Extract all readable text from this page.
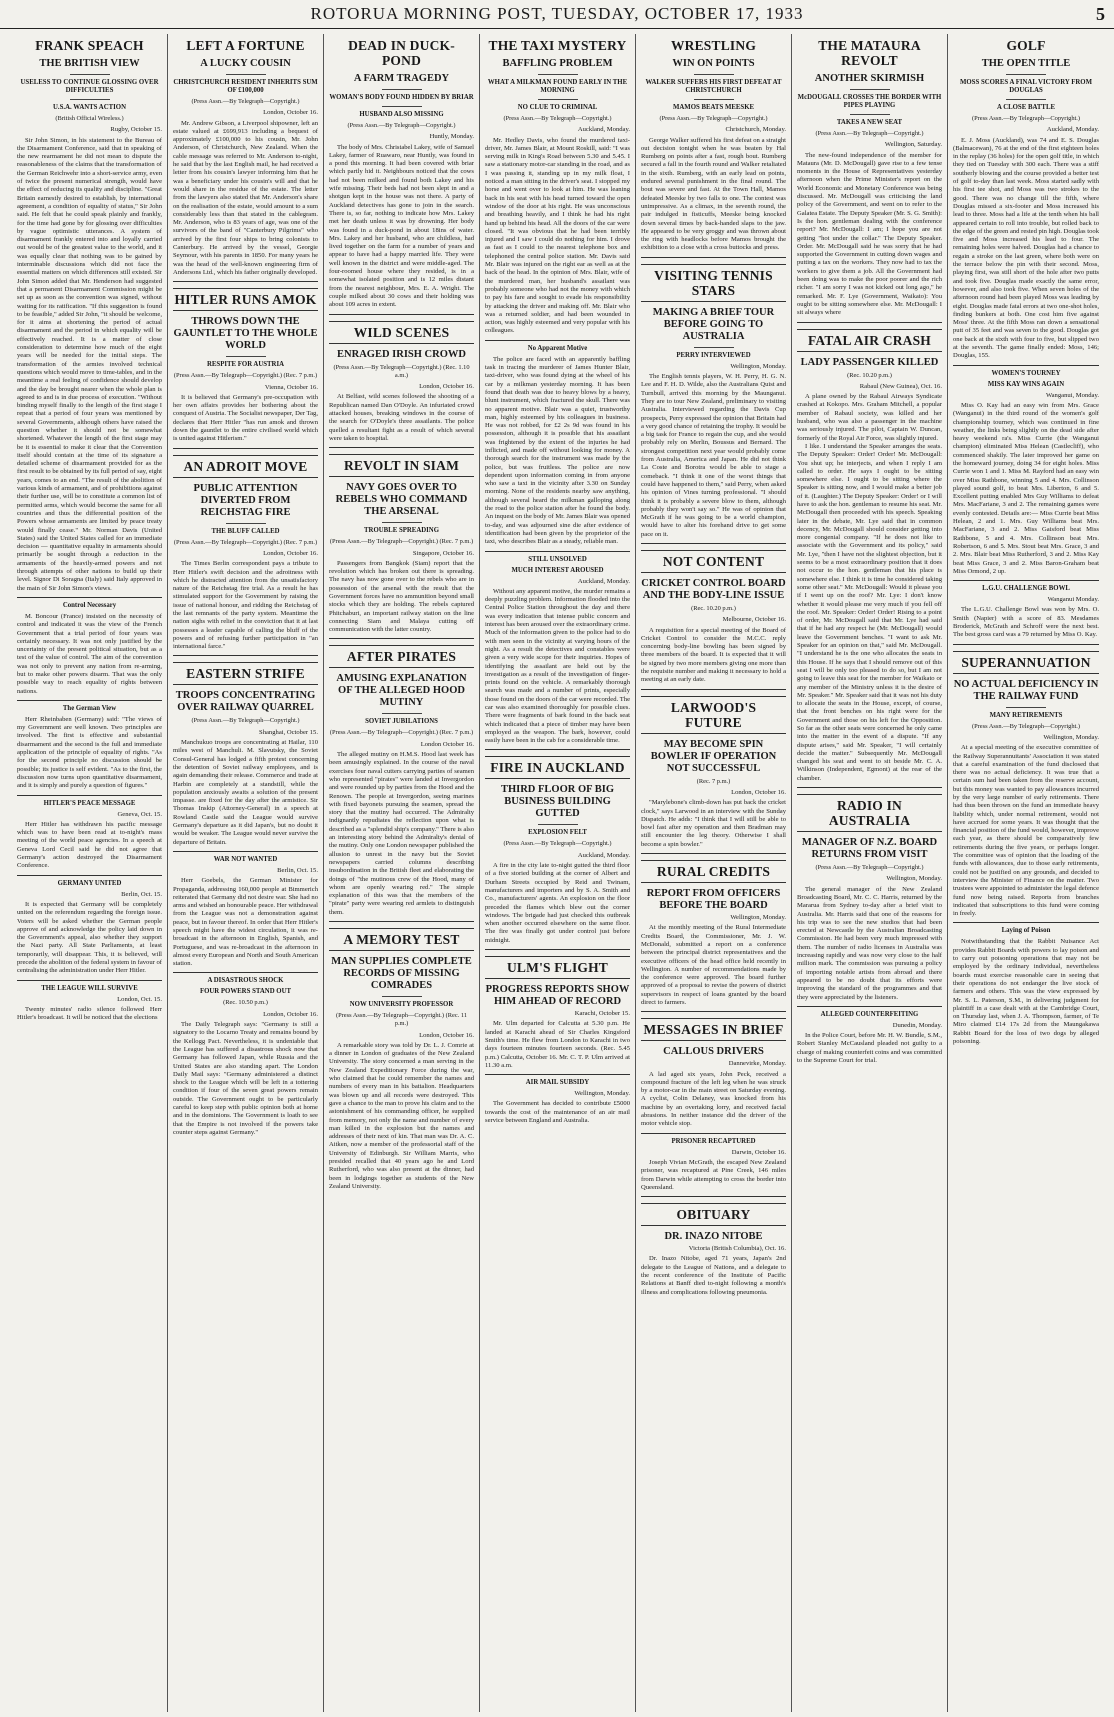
ROTORUA MORNING POST, TUESDAY, OCTOBER 17, 1933	5
FRANK SPEACH
THE BRITISH VIEW
USELESS TO CONTINUE GLOSSING OVER DIFFICULTIES
U.S.A. WANTS ACTION
(British Official Wireless.)
Rugby, October 15.

Sir John Simon, in his statement to the Bureau of the Disarmament Conference, said that in speaking of the new rearmament he did not mean to dispute the reasonableness of the claims that the transformation of the German Reichwehr into a short-service army, even of twice the present numerical strength, would have the effect of reducing its quality and discipline. "Great Britain earnestly desired to establish, by international agreement, a condition of equality of status," Sir John said. He felt that he could speak plainly and frankly, for the time had gone by for glossing over difficulties by vague optimistic utterances. A system of disarmament frankly entered into and loyally carried out would be of the greatest value to the world, and it was equally clear that nothing was to be gained by interminable discussions which did not face the essential matters on which differences still existed. Sir John Simon added that Mr. Henderson had suggested that a permanent Disarmament Commission might be set up as soon as the convention was signed, without waiting for its ratification. "If this suggestion is found to be feasible," added Sir John, "it should be welcome, for it aims at shortening the period of actual disarmament and the period in which equality will be effectively reached. It is a matter of close consideration to determine how much of the eight years will be needed for the initial steps. The transformation of the armies involved technical questions which would move to time-tables, and in the meantime a real feeling of confidence should develop and the day be brought nearer when the whole plan is agreed to and is in due process of execution. "Without binding myself finally to the length of the first stage I repeat that a period of four years was mentioned by several Governments, although others have raised the question whether it should not be somewhat shortened. Whatever the length of the first stage may be it is essential to make it clear that the Convention itself should contain at the time of its signature a detailed scheme of disarmament provided for as the first result to be obtained by its full period of say, eight years, comes to an end. "The result of the abolition of various kinds of armament, and of prohibitions against their further use, will be to constitute a common list of permitted arms, which would become the same for all countries and thus the differential position of the Powers whose armaments are limited by peace treaty would finally cease." Mr. Norman Davis (United States) said the United States called for an immediate decision — quantitative equality in armaments should primarily be sought through a reduction in the armaments of the heavily-armed powers and not through attempts of other nations to build up their level. Signor Di Soragna (Italy) said Italy approved in the main of Sir John Simon's views.

Control Necessary

M. Boncour (France) insisted on the necessity of control and indicated it was the view of the French Government that a trial period of four years was certainly necessary. It was not only justified by the uncertainty of the present political situation, but as a test of the value of control. The aim of the convention was not only to prevent any nation from re-arming, but to make other powers disarm. That was the only possible way to reach equality of rights between nations.

The German View

Herr Rheinbaben (Germany) said: "The views of my Government are well known. Two principles are involved. The first is effective and substantial disarmament and the second is the full and immediate application of the principle of equality of rights. "As for the second principle no discussion should be possible; its justice is self evident. "As to the first, the discussion now turns upon quantitative disarmament, and it is simply and purely a question of figures."

HITLER'S PEACE MESSAGE
Geneva, Oct. 15.

Herr Hitler has withdrawn his pacific message which was to have been read at to-night's mass meeting of the world peace agencies. In a speech at Geneva Lord Cecil said he did not agree that Germany's action destroyed the Disarmament Conference.

GERMANY UNITED
Berlin, Oct. 15.

It is expected that Germany will be completely united on the referendum regarding the foreign issue. Voters will be asked whether the German people approve of and acknowledge the policy laid down in the Government's appeal, also whether they support the Nazi party. All State Parliaments, at least temporarily, will disappear. This, it is believed, will precede the abolition of the federal system in favour of centralising the administration under Herr Hitler.

THE LEAGUE WILL SURVIVE
London, Oct. 15.

Twenty minutes' radio silence followed Herr Hitler's broadcast. It will be noticed that the elections

LEFT A FORTUNE
A LUCKY COUSIN
CHRISTCHURCH RESIDENT INHERITS SUM OF £100,000
(Press Assn.—By Telegraph—Copyright.)
London, October 16.

Mr. Andrew Gibson, a Liverpool shipowner, left an estate valued at £699,913 including a bequest of approximately £100,000 to his cousin, Mr. John Anderson, of Christchurch, New Zealand. When the cable message was referred to Mr. Anderson to-night, he said that by the last English mail, he had received a letter from his cousin's lawyer informing him that he was a beneficiary under his cousin's will and that he would share in the residue of the estate. The letter from the lawyers also stated that Mr. Anderson's share on the realisation of the estate, would amount to a sum considerably less than that stated in the cablegram. Mr. Anderson, who is 83 years of age, was one of the survivors of the band of "Canterbury Pilgrims" who arrived by the first four ships to bring colonists to Canterbury. He arrived by the vessel, Georgie Seymour, with his parents in 1850. For many years he was the head of the well-known engineering firm of Andersons Ltd., which his father originally developed.

HITLER RUNS AMOK
THROWS DOWN THE GAUNTLET TO THE WHOLE WORLD
RESPITE FOR AUSTRIA
(Press Assn.—By Telegraph—Copyright.) (Rec. 7 p.m.)
Vienna, October 16.

It is believed that Germany's pre-occupation with her own affairs provides her bothering about the conquest of Austria. The Socialist newspaper, Der Tag, declares that Herr Hitler "has run amok and thrown down the gauntlet to the entire civilised world which is united against Hitlerism."

AN ADROIT MOVE
PUBLIC ATTENTION DIVERTED FROM REICHSTAG FIRE
THE BLUFF CALLED
(Press Assn.—By Telegraph—Copyright.) (Rec. 7 p.m.)
London, October 16.

The Times Berlin correspondent pays a tribute to Herr Hitler's swift decision and the adroitness with which he distracted attention from the unsatisfactory nature of the Reichstag fire trial. As a result he has stimulated support for the Government by raising the issue of national honour, and ridding the Reichstag of the last remnants of the party system. Meantime the nation sighs with relief in the conviction that it at last possesses a leader capable of calling the bluff of the powers and of refusing further participation in "an international farce."

EASTERN STRIFE
TROOPS CONCENTRATING OVER RAILWAY QUARREL
(Press Assn.—By Telegraph—Copyright.)
Shanghai, October 15.

Manchukuo troops are concentrating at Hailar, 110 miles west of Manchuli. M. Slavutsky, the Soviet Consul-General has lodged a fifth protest concerning the detention of Soviet railway employees, and is again demanding their release. Commerce and trade at Harbin are completely at a standstill, while the population anxiously awaits a solution of the present impasse. are fixed for the day after the armistice. Sir Thomas Inskip (Attorney-General) in a speech at Rowland Castle said the League would survive Germany's departure as it did Japan's, but no doubt it would be weaker. The League would never survive the departure of Britain.

WAR NOT WANTED
Berlin, Oct. 15.

Herr Goebels, the German Minister for Propaganda, addressing 160,000 people at Bimmerich reiterated that Germany did not desire war. She had no arms and wished an honourable peace. Her withdrawal from the League was not a demonstration against peace, but in favour thereof. In order that Herr Hitler's speech might have the widest circulation, it was re-broadcast in the afternoon in English, Spanish, and Portuguese, and was re-broadcast in the afternoon in almost every European and North and South American station.

A DISASTROUS SHOCK
FOUR POWERS STAND OUT
(Rec. 10.50 p.m.)
London, October 16.

The Daily Telegraph says: "Germany is still a signatory to the Locarno Treaty and remains bound by the Kellogg Pact. Nevertheless, it is undeniable that the League has suffered a disastrous shock now that Germany has followed Japan, while Russia and the United States are also standing apart. The London Daily Mail says: "Germany administered a distinct shock to the League which will be left in a tottering condition if four of the seven great powers remain outside. The Government ought to be particularly careful to keep step with public opinion both at home and in the dominions. The Government is loath to see that the Empire is not involved if the powers take counter steps against Germany."

DEAD IN DUCK-POND
A FARM TRAGEDY
WOMAN'S BODY FOUND HIDDEN BY BRIAR
HUSBAND ALSO MISSING
(Press Assn.—By Telegraph—Copyright.)
Huntly, Monday.

The body of Mrs. Christabel Lakey, wife of Samuel Lakey, farmer of Ruawaro, near Huntly, was found in a pond this morning. It had been covered with briar which partly hid it. Neighbours noticed that the cows had not been milked and found both Lakey and his wife missing. Their beds had not been slept in and a shotgun kept in the house was not there. A party of Auckland detectives has gone to join in the search. There is, so far, nothing to indicate how Mrs. Lakey met her death unless it was by drowning. Her body was found in a duck-pond in about 18ins of water. Mrs. Lakey and her husband, who are childless, had lived together on the farm for a number of years and appear to have had a happy married life. They were well known in the district and were middle-aged. The four-roomed house where they resided, is in a somewhat isolated position and is 12 miles distant from the nearest neighbour, Mrs. E. A. Wright. The couple milked about 30 cows and their holding was about 109 acres in extent.

WILD SCENES
ENRAGED IRISH CROWD
(Press Assn.—By Telegraph—Copyright.) (Rec. 1.10 a.m.)
London, October 16.

At Belfast, wild scenes followed the shooting of a Republican named Dan O'Doyle. An infuriated crowd attacked houses, breaking windows in the course of the search for O'Doyle's three assailants. The police quelled a resultant fight as a result of which several were taken to hospital.

REVOLT IN SIAM
NAVY GOES OVER TO REBELS WHO COMMAND THE ARSENAL
TROUBLE SPREADING
(Press Assn.—By Telegraph—Copyright.) (Rec. 7 p.m.)
Singapore, October 16.

Passengers from Bangkok (Siam) report that the revolution which has broken out there is spreading. The navy has now gone over to the rebels who are in possession of the arsenal with the result that the Government forces have no ammunition beyond small stocks which they are holding. The rebels captured Phitchaburi, an important railway station on the line connecting Siam and Malaya cutting off communication with the latter country.

AFTER PIRATES
AMUSING EXPLANATION OF THE ALLEGED HOOD MUTINY
SOVIET JUBILATIONS
(Press Assn.—By Telegraph—Copyright.) (Rec. 7 p.m.)
London October 16.

The alleged mutiny on H.M.S. Hood last week has been amusingly explained. In the course of the naval exercises four naval cutters carrying parties of seamen who represented "pirates" were landed at Invergordon and were rounded up by parties from the Hood and the Renown. The people at Invergordon, seeing marines with fixed bayonets pursuing the seamen, spread the story that the mutiny had occurred. The Admiralty indignantly repudiates the reflection upon what is described as a "splendid ship's company." There is also an interesting story behind the Admiralty's denial of the mutiny. Only one London newspaper published the allusion to unrest in the navy but the Soviet newspapers carried columns describing insubordination in the British fleet and elaborating the doings of "the mutinous crew of the Hood, many of whom are openly wearing red." The simple explanation of this was that the members of the "pirate" party were wearing red armlets to distinguish them.

A MEMORY TEST
MAN SUPPLIES COMPLETE RECORDS OF MISSING COMRADES
NOW UNIVERSITY PROFESSOR
(Press Assn.—By Telegraph—Copyright.) (Rec. 11 p.m.)
London, October 16.

A remarkable story was told by Dr. L. J. Comrie at a dinner in London of graduates of the New Zealand University. The story concerned a man serving in the New Zealand Expeditionary Force during the war, who claimed that he could remember the names and numbers of every man in his battalion. Headquarters was blown up and all records were destroyed. This gave a chance to the man to prove his claim and to the astonishment of his commanding officer, he supplied from memory, not only the name and number of every man killed in the explosion but the names and addresses of their next of kin. That man was Dr. A. C. Aitken, now a member of the professorial staff of the University of Edinburgh. Sir William Marris, who presided recalled that 40 years ago he and Lord Rutherford, who was also present at the dinner, had been in lodgings together as students of the New Zealand University.

THE TAXI MYSTERY
BAFFLING PROBLEM
WHAT A MILKMAN FOUND EARLY IN THE MORNING
NO CLUE TO CRIMINAL
(Press Assn.—By Telegraph—Copyright.)
Auckland, Monday.

Mr. Hedley Davis, who found the murdered taxi-driver, Mr. James Blair, at Mount Roskill, said: "I was serving milk in King's Road between 5.30 and 5.45. I saw a stationary motor-car standing in the road, and as I was passing it, standing up in my milk float, I noticed a man sitting in the driver's seat. I stopped my horse and went over to look at him. He was leaning back in his seat with his head turned toward the open window of the door at his right. He was unconscious and breathing heavily, and I think he had his right hand up behind his head. All the doors of the car were closed. "It was obvious that he had been terribly injured and I saw I could do nothing for him. I drove as fast as I could to the nearest telephone box and telephoned the central police station. Mr. Davis said Mr. Blair was injured on the right ear as well as at the back of the head. In the opinion of Mrs. Blair, wife of the murdered man, her husband's assailant was probably someone who had not the money with which to pay his fare and sought to evade his responsibility by attacking the driver and making off. Mr. Blair who was a returned soldier, and had been wounded in action, was highly esteemed and very popular with his colleagues.

No Apparent Motive

The police are faced with an apparently baffling task in tracing the murderer of James Hunter Blair, taxi-driver, who was found dying at the wheel of his car by a milkman yesterday morning. It has been found that death was due to heavy blows by a heavy, blunt instrument, which fractured the skull. There was no apparent motive. Blair was a quiet, trustworthy man, highly esteemed by his colleagues in business. He was not robbed, for £2 2s 9d was found in his possession, although it is possible that his assailant was frightened by the extent of the injuries he had inflicted, and made off without looking for money. A thorough search for the instrument was made by the police, but was fruitless. The police are now dependent upon information coming in from anyone who saw a taxi in the vicinity after 3.30 on Sunday morning. None of the residents nearby saw anything, although several heard the milkman galloping along the road to the police station after he found the body. An inquest on the body of Mr. James Blair was opened to-day, and was adjourned sine die after evidence of identification had been given by the proprietor of the taxi, who describes Blair as a steady, reliable man.

STILL UNSOLVED
MUCH INTEREST AROUSED
Auckland, Monday.

Without any apparent motive, the murder remains a deeply puzzling problem. Information flooded into the Central Police Station throughout the day and there was every indication that intense public concern and interest has been aroused over the extraordinary crime. Much of the information given to the police had to do with men seen in the vicinity at varying hours of the night. As a result the detectives and constables were given a very wide scope for their inquiries. Hopes of identifying the assailant are held out by the investigation as a result of the investigation of finger-prints found on the vehicle. A remarkably thorough search was made and a number of prints, especially those found on the doors of the car were recorded. The car was also examined thoroughly for possible clues. There were fragments of bark found in the back seat which indicated that a piece of timber may have been employed as the weapon. The bark, however, could easily have been in the cab for a considerable time.

FIRE IN AUCKLAND
THIRD FLOOR OF BIG BUSINESS BUILDING GUTTED
EXPLOSION FELT
(Press Assn.—By Telegraph—Copyright.)
Auckland, Monday.

A fire in the city late to-night gutted the third floor of a five storied building at the corner of Albert and Durham Streets occupied by Reid and Twinam, manufacturers and importers and by S. A. Smith and Co., manufacturers' agents. An explosion on the floor preceded the flames which blew out the corner windows. The brigade had just checked this outbreak when another occurred elsewhere on the same floor. The fire was finally got under control just before midnight.

ULM'S FLIGHT
PROGRESS REPORTS SHOW HIM AHEAD OF RECORD
Karachi, October 15.

Mr. Ulm departed for Calcutta at 5.30 p.m. He landed at Karachi ahead of Sir Charles Kingsford Smith's time. He flew from London to Karachi in two days fourteen minutes fourteen seconds. (Rec. 5.45 p.m.) Calcutta, October 16. Mr. C. T. P. Ulm arrived at 11.30 a.m.

AIR MAIL SUBSIDY
Wellington, Monday.

The Government has decided to contribute £5000 towards the cost of the maintenance of an air mail service between England and Australia.

WRESTLING
WIN ON POINTS
WALKER SUFFERS HIS FIRST DEFEAT AT CHRISTCHURCH
MAMOS BEATS MEESKE
(Press Assn.—By Telegraph—Copyright.)
Christchurch, Monday.

George Walker suffered his first defeat on a straight out decision tonight when he was beaten by Hal Rumberg on points after a fast, rough bout. Rumberg secured a fall in the fourth round and Walker retaliated in the sixth. Rumberg, with an early lead on points, endured several punishment in the final round. The bout was severe and fast. At the Town Hall, Mamos defeated Meeske by two falls to one. The contest was unimpressive. As a climax, in the seventh round, the pair indulged in fisticuffs, Meeske being knocked down several times by back-handed slaps to the jaw. He appeared to be very groggy and was thrown about the ring with headlocks before Mamos brought the exhibition to a close with a cross buttocks and press.

VISITING TENNIS STARS
MAKING A BRIEF TOUR BEFORE GOING TO AUSTRALIA
PERRY INTERVIEWED
Wellington, Monday.

The English tennis players, W. H. Perry, H. G. N. Lee and F. H. D. Wilde, also the Australians Quist and Turnbull, arrived this morning by the Maunganui. They are to tour New Zealand, preliminary to visiting Australia. Interviewed regarding the Davis Cup prospects, Perry expressed the opinion that Britain had a very good chance of retaining the trophy. It would be a big task for France to regain the cup, and she would probably rely on Merlin, Boussus and Bernard. The strongest competition next year would probably come from Australia, America and Japan. He did not think La Coste and Borotra would be able to stage a comeback. "I think it one of the worst things that could have happened to them," said Perry, when asked his opinion of Vines turning professional. "I should think it is probably a severe blow to them, although probably they won't say so." He was of opinion that McGrath if he was going to be a world champion, would have to alter his forehand drive to get some pace on it.

NOT CONTENT
CRICKET CONTROL BOARD AND THE BODY-LINE ISSUE
(Rec. 10.20 p.m.)
Melbourne, October 16.

A requisition for a special meeting of the Board of Cricket Control to consider the M.C.C. reply concerning body-line bowling has been signed by three members of the board. It is expected that it will be signed by two more members giving one more than the requisite number and making it necessary to hold a meeting at an early date.

LARWOOD'S FUTURE
MAY BECOME SPIN BOWLER IF OPERATION NOT SUCCESSFUL
(Rec. 7 p.m.)
London, October 16.

"Marylebone's climb-down has put back the cricket clock," says Larwood in an interview with the Sunday Dispatch. He adds: "I think that I will still be able to bowl fast after my operation and then Bradman may still encounter the leg theory. Otherwise I shall become a spin bowler."

RURAL CREDITS
REPORT FROM OFFICERS BEFORE THE BOARD
Wellington, Monday.

At the monthly meeting of the Rural Intermediate Credits Board, the Commissioner, Mr. J. W. McDonald, submitted a report on a conference between the principal district representatives and the executive officers of the head office held recently in Wellington. A number of recommendations made by the conference were approved. The board further approved of a proposal to revise the powers of district supervisors in respect of loans granted by the board direct to farmers.

MESSAGES IN BRIEF
CALLOUS DRIVERS
Dannevirke, Monday.

A lad aged six years, John Peck, received a compound fracture of the left leg when he was struck by a motor-car in the main street on Saturday evening. A cyclist, Colin Delaney, was knocked from his machine by an overtaking lorry, and received facial abrasions. In neither instance did the driver of the motor vehicle stop.

PRISONER RECAPTURED
Darwin, October 16.

Joseph Vivian McGrath, the escaped New Zealand prisoner, was recaptured at Pine Creek, 146 miles from Darwin while attempting to cross the border into Queensland.

OBITUARY
DR. INAZO NITOBE
Victoria (British Columbia), Oct. 16.

Dr. Inazo Nitobe, aged 71 years, Japan's 2nd delegate to the League of Nations, and a delegate to the recent conference of the Institute of Pacific Relations at Banff died to-night following a month's illness and complications following pneumonia.

THE MATAURA REVOLT
ANOTHER SKIRMISH
McDOUGALL CROSSES THE BORDER WITH PIPES PLAYING
TAKES A NEW SEAT
(Press Assn.—By Telegraph—Copyright.)
Wellington, Saturday.

The new-found independence of the member for Mataura (Mr. D. McDougall) gave rise to a few tense moments in the House of Representatives yesterday afternoon when the Prime Minister's report on the World Economic and Monetary Conference was being discussed. Mr. McDougall was criticising the land policy of the Government, and went on to refer to the Galatea Estate. The Deputy Speaker (Mr. S. G. Smith): Is the hon. gentleman dealing with the conference report? Mr. McDougall: I am; I hope you are not getting "hot under the collar." The Deputy Speaker. Order. Mr. McDougall said he was sorry that he had supported the Government in cutting down wages and putting a tax on the workers. They now had to tax the workers to give them a job. All the Government had been doing was to make the poor poorer and the rich richer. "I am sorry I was not kicked out long ago," he remarked. Mr. F. Lye (Government, Waikato): You ought to be sitting somewhere else. Mr. McDougall: I sit always where

FATAL AIR CRASH
LADY PASSENGER KILLED
(Rec. 10.20 p.m.)
Rabaul (New Guinea), Oct. 16.

A plane owned by the Rabaul Airways Syndicate crashed at Kokopo. Mrs. Graham Mitchell, a popular member of Rabaul society, was killed and her husband, who was also a passenger in the machine was seriously injured. The pilot, Captain W. Duncan, formerly of the Royal Air Force, was slightly injured.

I like. I understand the Speaker arranges the seats. The Deputy Speaker: Order! Order! Mr. McDougall: You shut up; he interjects, and when I reply I am called to order. He says I ought to be sitting somewhere else. I ought to be sitting where the Speaker is sitting now, and I would make a better job of it. (Laughter.) The Deputy Speaker: Order! or I will have to ask the hon. gentleman to resume his seat. Mr. McDougall then proceeded with his speech. Speaking later in the debate, Mr. Lye said that in common decency, Mr. McDougall should consider getting into more congenial company. "If he does not like to associate with the Government and its policy," said Mr. Lye, "then I have not the slightest objection, but it seems to be a most extraordinary position that it does not occur to the hon. gentleman that his place is somewhere else. I think it is time he considered taking some other seat." Mr. McDougall: Would it please you if I went up on the roof? Mr. Lye: I don't know whether it would please me very much if you fell off the roof. Mr. Speaker: Order! Order! Rising to a point of order, Mr. McDougall said that Mr. Lye had said that if he had any respect he (Mr. McDougall) would leave the Government benches. "I want to ask Mr. Speaker for an opinion on that," said Mr. McDougall. "I understand he is the one who allocates the seats in this House. If he says that I should remove out of this seat I will be only too pleased to do so, but I am not going to leave this seat for the member for Waikato or any member of the Ministry unless it is the desire of Mr. Speaker." Mr. Speaker said that it was not his duty to allocate the seats in the House, except, of course, that the front benches on his right were for the Government and those on his left for the Opposition. So far as the other seats were concerned he only came into the matter in the event of a dispute. "If any dispute arises," said Mr. Speaker, "I will certainly decide the matter." Subsequently Mr. McDougall changed his seat and went to sit beside Mr. C. A. Wilkinson (Independent, Egmont) at the rear of the chamber.

RADIO IN AUSTRALIA
MANAGER OF N.Z. BOARD RETURNS FROM VISIT
(Press Assn.—By Telegraph—Copyright.)
Wellington, Monday.

The general manager of the New Zealand Broadcasting Board, Mr. C. C. Harris, returned by the Mararua from Sydney to-day after a brief visit to Australia. Mr. Harris said that one of the reasons for his trip was to see the new studios that had been erected at Newcastle by the Australian Broadcasting Commission. He had been very much impressed with them. The number of radio licenses in Australia was increasing rapidly and was now very close to the half million mark. The commission was pursuing a policy of importing notable artists from abroad and there appeared to be no doubt that its efforts were improving the standard of the programmes and that they were appreciated by the listeners.

ALLEGED COUNTERFEITING
Dunedin, Monday.

In the Police Court, before Mr. H. W. Bundle, S.M., Robert Stanley McCausland pleaded not guilty to a charge of making counterfeit coins and was committed to the Supreme Court for trial.

GOLF
THE OPEN TITLE
MOSS SCORES A FINAL VICTORY FROM DOUGLAS
A CLOSE BATTLE
(Press Assn.—By Telegraph—Copyright.)
Auckland, Monday.

E. J. Moss (Auckland), was 74 and E. S. Douglas (Balmacewan), 76 at the end of the first eighteen holes in the replay (36 holes) for the open golf title, in which they tied on Tuesday with 300 each. There was a stiff southerly blowing and the course provided a better test of golf to-day than last week. Moss started sadly with his first tee shot, and Moss was two strokes to the good. There was no change till the fifth, where Douglas missed a six-footer and Moss increased his lead to three. Moss had a life at the tenth when his ball appeared certain to roll into trouble, but rolled back to the edge of the green and rested pin high. Douglas took five and Moss increased his lead to four. The remaining holes were halved. Douglas had a chance to regain a stroke on the last green, where both were on the terrace below the pin with their second. Moss, playing first, was still short of the hole after two putts and took five. Douglas made exactly the same error, however, and also took five. When seven holes of the afternoon round had been played Moss was leading by eight. Douglas made fatal errors at two one-shot holes, finding bunkers at both. One cost him five against Moss' three. At the fifth Moss ran down a sensational putt of 35 feet and was seven to the good. Douglas got one back at the sixth with four to five, but slipped two at the seventh. The game finally ended: Moss, 146; Douglas, 155.

WOMEN'S TOURNEY
MISS KAY WINS AGAIN
Wanganui, Monday.

Miss O. Kay had an easy win from Mrs. Grace (Wanganui) in the third round of the women's golf championship tourney, which was continued in fine weather, the links being slightly on the dead side after heavy weekend ra's. Miss Currie (the Wanganui champion) eliminated Miss Helean (Castlecliff), who commenced shakily. The later improved her game on the homeward journey, doing 34 for eight holes. Miss Currie won 1 and 1. Miss M. Rayford had an easy win over Miss Rathbone, winning 5 and 4. Mrs. Collinson played sound golf, to beat Mrs. Liberton, 6 and 5. Excellent putting enabled Mrs Guy Williams to defeat Mrs. MacFariane, 3 and 2. The remaining games were evenly contested. Details are:— Miss Currie beat Miss Helean, 2 and 1. Mrs. Guy Williams beat Mrs. MacFariane, 3 and 2. Miss Gaisford beat Miss Rathbone, 5 and 4. Mrs. Collinson beat Mrs. Robertson, 6 and 5. Mrs. Stout beat Mrs. Grace, 3 and 2. Mrs. Blair beat Miss Rutherford, 3 and 2. Miss Kay beat Miss Grace, 3 and 2. Miss Baron-Graham beat Miss Ormond, 2 up.

L.G.U. CHALLENGE BOWL
Wanganui Monday.

The L.G.U. Challenge Bowl was won by Mrs. O. Smith (Napier) with a score of 83. Mesdames Broderick, McGrath and Schroff were the next best. The best gross card was a 79 returned by Miss O. Kay.

SUPERANNUATION
NO ACTUAL DEFICIENCY IN THE RAILWAY FUND
MANY RETIREMENTS
(Press Assn.—By Telegraph—Copyright.)
Wellington, Monday.

At a special meeting of the executive committee of the Railway Superannuitants' Association it was stated that a careful examination of the fund disclosed that there was no actual deficiency. It was true that a certain sum had been taken from the reserve account, but this money was wanted to pay allowances incurred by the very large number of early retirements. There had thus been thrown on the fund an immediate heavy liability which, under normal retirement, would not have accrued for some years. It was thought that the financial position of the fund would, however, improve each year, as there should be comparatively few retirements during the five years, or perhaps longer. The committee was of opinion that the loading of the funds with allowances, due to those early retirements, could not be justified on any grounds, and decided to interview the Minister of Finance on the matter. Two trustees were appointed to administer the legal defence fund now being raised. Reports from branches indicated that subscriptions to this fund were coming in freely.

Laying of Poison

Notwithstanding that the Rabbit Nuisance Act provides Rabbit Boards with powers to lay poison and to carry out poisoning operations that may not be employed by the ordinary individual, nevertheless boards must exercise reasonable care in seeing that their operations do not endanger the live stock of farmers and others. This was the view expressed by Mr. S. L. Paterson, S.M., in delivering judgment for plaintiff in a case dealt with at the Cambridge Court, on Thursday last, when J. A. Thompson, farmer, of Te Miro claimed £14 17s 2d from the Maungakawa Rabbit Board for the loss of two dogs by alleged poisoning.
